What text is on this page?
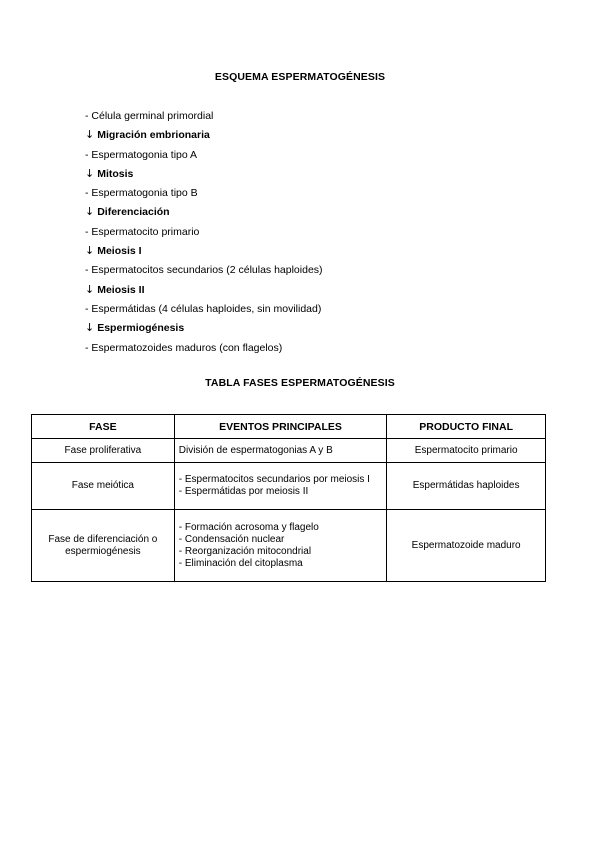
ESQUEMA ESPERMATOGÉNESIS
- Célula germinal primordial
↓ Migración embrionaria
- Espermatogonia tipo A
↓ Mitosis
- Espermatogonia tipo B
↓ Diferenciación
- Espermatocito primario
↓ Meiosis I
- Espermatocitos secundarios (2 células haploides)
↓ Meiosis II
- Espermátidas (4 células haploides, sin movilidad)
↓ Espermiogénesis
- Espermatozoides maduros (con flagelos)
TABLA FASES ESPERMATOGÉNESIS
FASE	EVENTOS PRINCIPALES	PRODUCTO FINAL
Fase proliferativa	División de espermatogonias A y B	Espermatocito primario
Fase meiótica	- Espermatocitos secundarios por meiosis I
- Espermátidas por meiosis II	Espermátidas haploides
Fase de diferenciación o espermiogénesis	- Formación acrosoma y flagelo
- Condensación nuclear
- Reorganización mitocondrial
- Eliminación del citoplasma	Espermatozoide maduro
